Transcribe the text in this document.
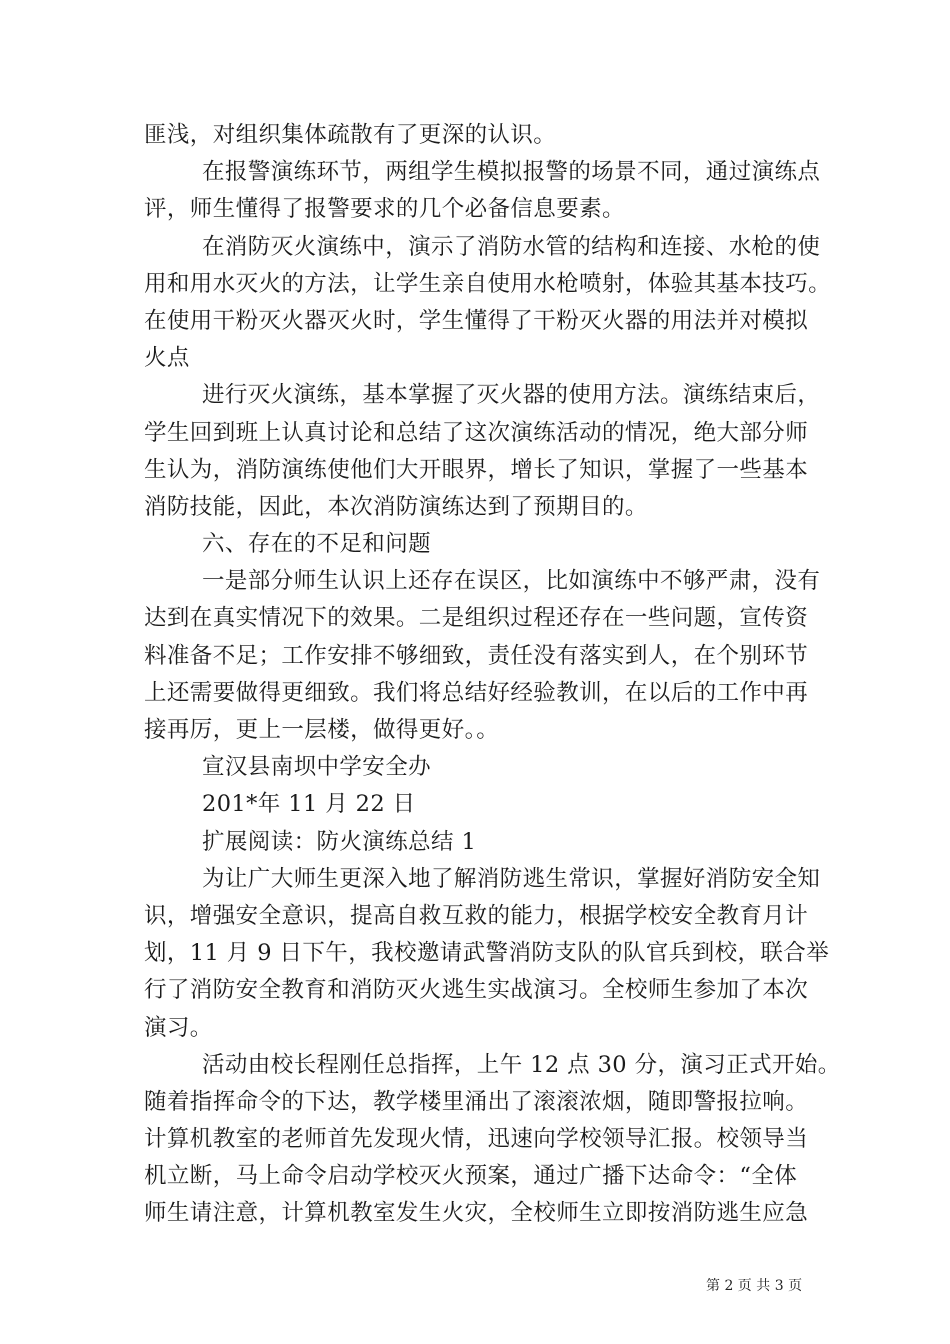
匪浅，对组织集体疏散有了更深的认识。
在报警演练环节，两组学生模拟报警的场景不同，通过演练点
评，师生懂得了报警要求的几个必备信息要素。
在消防灭火演练中，演示了消防水管的结构和连接、水枪的使
用和用水灭火的方法，让学生亲自使用水枪喷射，体验其基本技巧。
在使用干粉灭火器灭火时，学生懂得了干粉灭火器的用法并对模拟
火点
进行灭火演练，基本掌握了灭火器的使用方法。演练结束后，
学生回到班上认真讨论和总结了这次演练活动的情况，绝大部分师
生认为，消防演练使他们大开眼界，增长了知识，掌握了一些基本
消防技能，因此，本次消防演练达到了预期目的。
六、存在的不足和问题
一是部分师生认识上还存在误区，比如演练中不够严肃，没有
达到在真实情况下的效果。二是组织过程还存在一些问题，宣传资
料准备不足；工作安排不够细致，责任没有落实到人，在个别环节
上还需要做得更细致。我们将总结好经验教训，在以后的工作中再
接再厉，更上一层楼，做得更好。。
宣汉县南坝中学安全办
201*年 11 月 22 日
扩展阅读：防火演练总结 1
为让广大师生更深入地了解消防逃生常识，掌握好消防安全知
识，增强安全意识，提高自救互救的能力，根据学校安全教育月计
划，11 月 9 日下午，我校邀请武警消防支队的队官兵到校，联合举
行了消防安全教育和消防灭火逃生实战演习。全校师生参加了本次
演习。
活动由校长程刚任总指挥，上午 12 点 30 分，演习正式开始。
随着指挥命令的下达，教学楼里涌出了滚滚浓烟，随即警报拉响。
计算机教室的老师首先发现火情，迅速向学校领导汇报。校领导当
机立断，马上命令启动学校灭火预案，通过广播下达命令：“全体
师生请注意，计算机教室发生火灾，全校师生立即按消防逃生应急
第 2 页 共 3 页
